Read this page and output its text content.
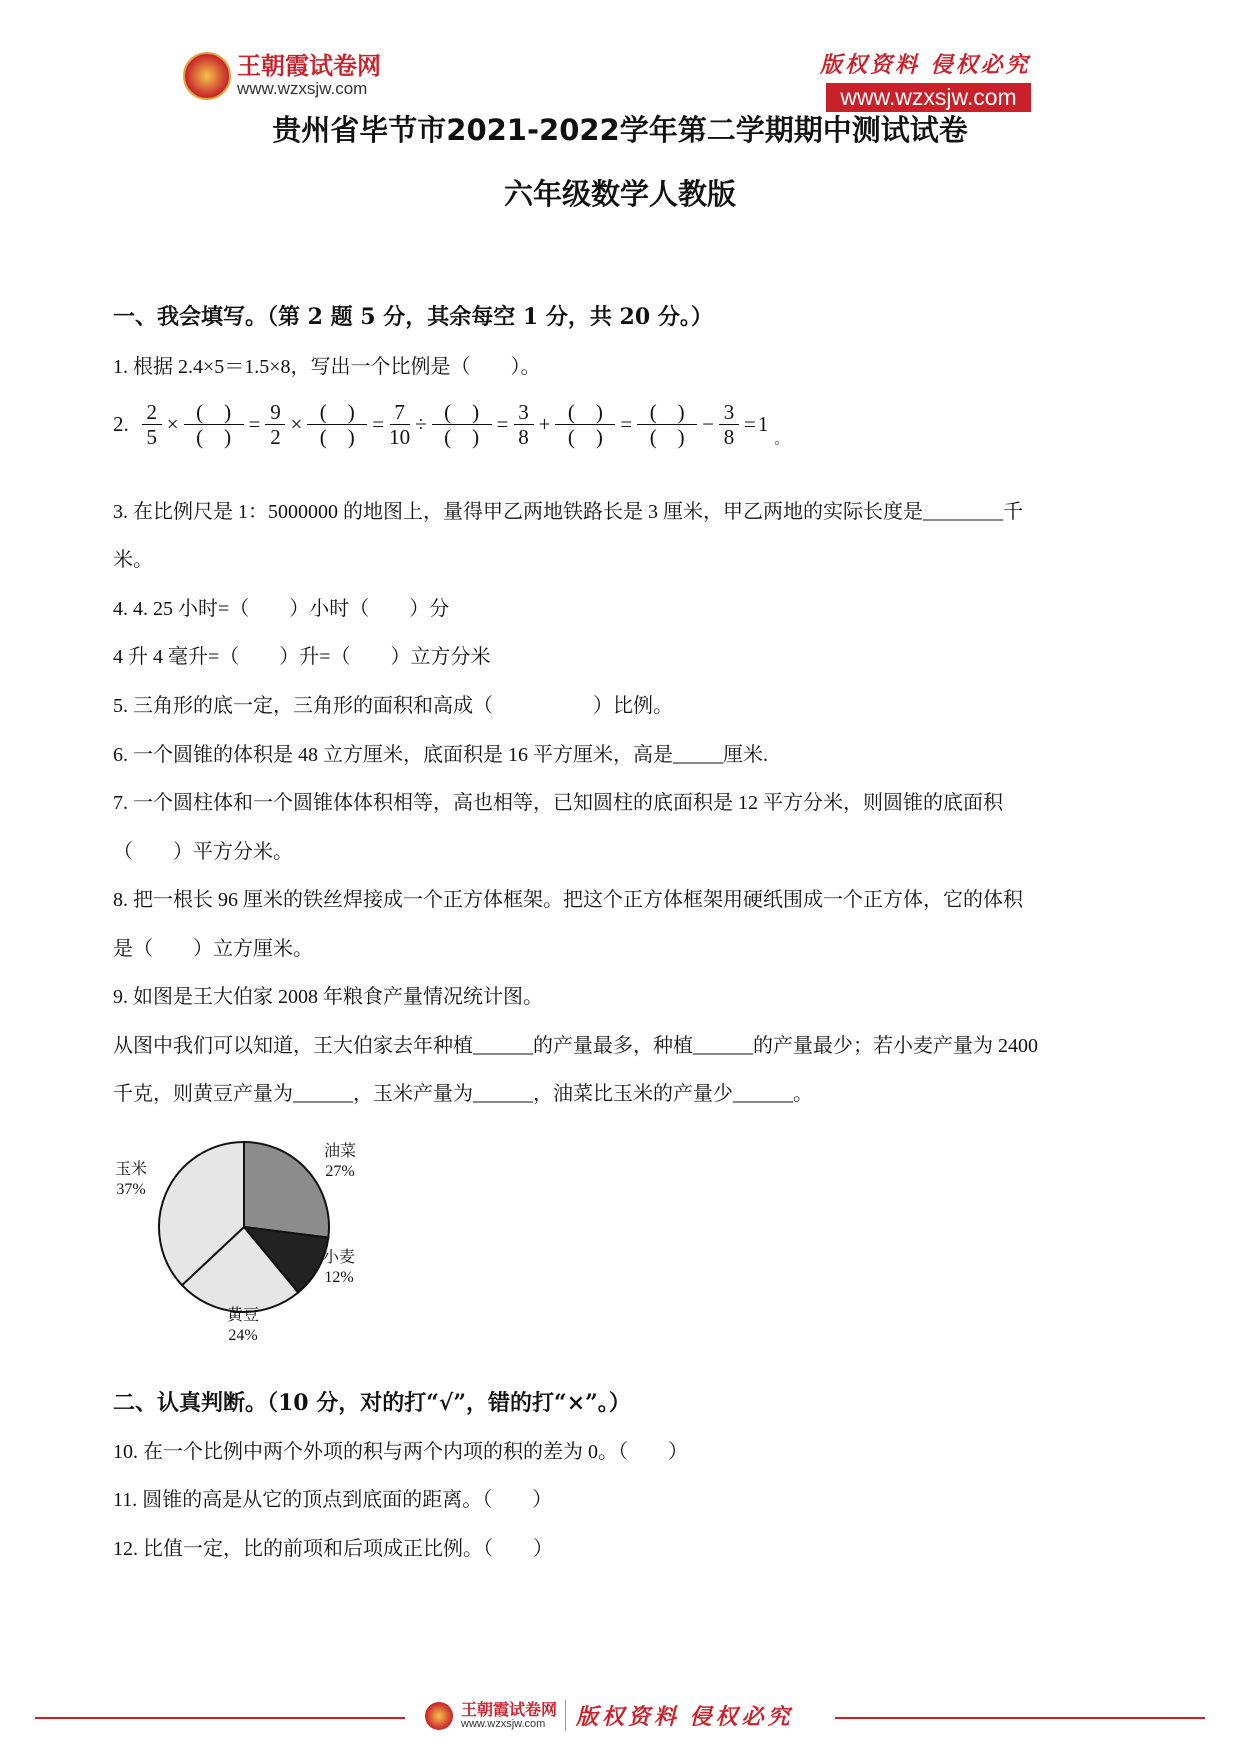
王朝霞试卷网
www.wzxsjw.com
版权资料 侵权必究
www.wzxsjw.com
贵州省毕节市2021-2022学年第二学期期中测试试卷
六年级数学人教版
一、我会填写。（第 2 题 5 分，其余每空 1 分，共 20 分。）
1. 根据 2.4×5＝1.5×8，写出一个比例是（　　）。
2. $\frac{2}{5} \times \frac{( )}{( )} = \frac{9}{2} \times \frac{( )}{( )} = \frac{7}{10} \div \frac{( )}{( )} = \frac{3}{8} + \frac{( )}{( )} = \frac{( )}{( )} - \frac{3}{8} = 1$
。
3. 在比例尺是 1：5000000 的地图上，量得甲乙两地铁路长是 3 厘米，甲乙两地的实际长度是________千
米。
4. 4. 25 小时=（　　）小时（　　）分
4 升 4 毫升=（　　）升=（　　）立方分米
5. 三角形的底一定，三角形的面积和高成（　　　　　）比例。
6. 一个圆锥的体积是 48 立方厘米，底面积是 16 平方厘米，高是_____厘米.
7. 一个圆柱体和一个圆锥体体积相等，高也相等，已知圆柱的底面积是 12 平方分米，则圆锥的底面积
（　　）平方分米。
8. 把一根长 96 厘米的铁丝焊接成一个正方体框架。把这个正方体框架用硬纸围成一个正方体，它的体积
是（　　）立方厘米。
9. 如图是王大伯家 2008 年粮食产量情况统计图。
从图中我们可以知道，王大伯家去年种植______的产量最多，种植______的产量最少；若小麦产量为 2400
千克，则黄豆产量为______，玉米产量为______，油菜比玉米的产量少______。
油菜
27%
小麦
12%
黄豆
24%
玉米
37%
二、认真判断。（10 分，对的打“√”，错的打“×”。）
10. 在一个比例中两个外项的积与两个内项的积的差为 0。（　　）
11. 圆锥的高是从它的顶点到底面的距离。（　　）
12. 比值一定，比的前项和后项成正比例。（　　）
王朝霞试卷网
www.wzxsjw.com	版权资料 侵权必究
